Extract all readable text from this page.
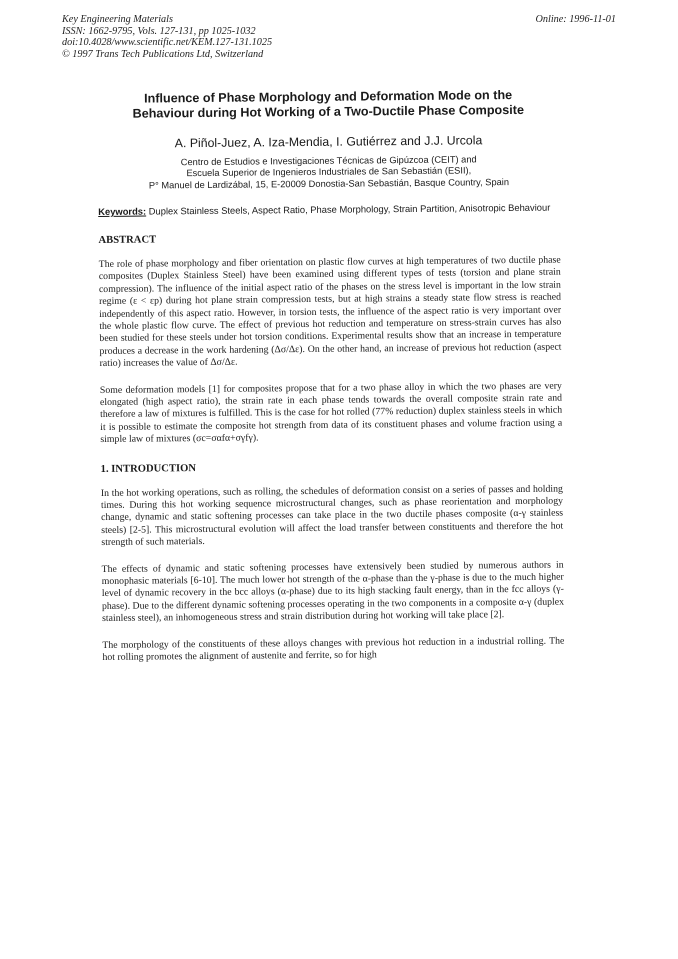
Key Engineering Materials
ISSN: 1662-9795, Vols. 127-131, pp 1025-1032
doi:10.4028/www.scientific.net/KEM.127-131.1025
© 1997 Trans Tech Publications Ltd, Switzerland
Online: 1996-11-01
Influence of Phase Morphology and Deformation Mode on the
Behaviour during Hot Working of a Two-Ductile Phase Composite
A. Piñol-Juez, A. Iza-Mendia, I. Gutiérrez and J.J. Urcola
Centro de Estudios e Investigaciones Técnicas de Gipúzcoa (CEIT) and
Escuela Superior de Ingenieros Industriales de San Sebastián (ESII),
P° Manuel de Lardizábal, 15, E-20009 Donostia-San Sebastián, Basque Country, Spain
Keywords: Duplex Stainless Steels, Aspect Ratio, Phase Morphology, Strain Partition, Anisotropic Behaviour
ABSTRACT

The role of phase morphology and fiber orientation on plastic flow curves at high temperatures of two ductile phase composites (Duplex Stainless Steel) have been examined using different types of tests (torsion and plane strain compression). The influence of the initial aspect ratio of the phases on the stress level is important in the low strain regime (ε < εp) during hot plane strain compression tests, but at high strains a steady state flow stress is reached independently of this aspect ratio. However, in torsion tests, the influence of the aspect ratio is very important over the whole plastic flow curve. The effect of previous hot reduction and temperature on stress-strain curves has also been studied for these steels under hot torsion conditions. Experimental results show that an increase in temperature produces a decrease in the work hardening (Δσ/Δε). On the other hand, an increase of previous hot reduction (aspect ratio) increases the value of Δσ/Δε.

Some deformation models [1] for composites propose that for a two phase alloy in which the two phases are very elongated (high aspect ratio), the strain rate in each phase tends towards the overall composite strain rate and therefore a law of mixtures is fulfilled. This is the case for hot rolled (77% reduction) duplex stainless steels in which it is possible to estimate the composite hot strength from data of its constituent phases and volume fraction using a simple law of mixtures (σc=σαfα+σγfγ).

1. INTRODUCTION

In the hot working operations, such as rolling, the schedules of deformation consist on a series of passes and holding times. During this hot working sequence microstructural changes, such as phase reorientation and morphology change, dynamic and static softening processes can take place in the two ductile phases composite (α-γ stainless steels) [2-5]. This microstructural evolution will affect the load transfer between constituents and therefore the hot strength of such materials.

The effects of dynamic and static softening processes have extensively been studied by numerous authors in monophasic materials [6-10]. The much lower hot strength of the α-phase than the γ-phase is due to the much higher level of dynamic recovery in the bcc alloys (α-phase) due to its high stacking fault energy, than in the fcc alloys (γ-phase). Due to the different dynamic softening processes operating in the two components in a composite α-γ (duplex stainless steel), an inhomogeneous stress and strain distribution during hot working will take place [2].

The morphology of the constituents of these alloys changes with previous hot reduction in a industrial rolling. The hot rolling promotes the alignment of austenite and ferrite, so for high
